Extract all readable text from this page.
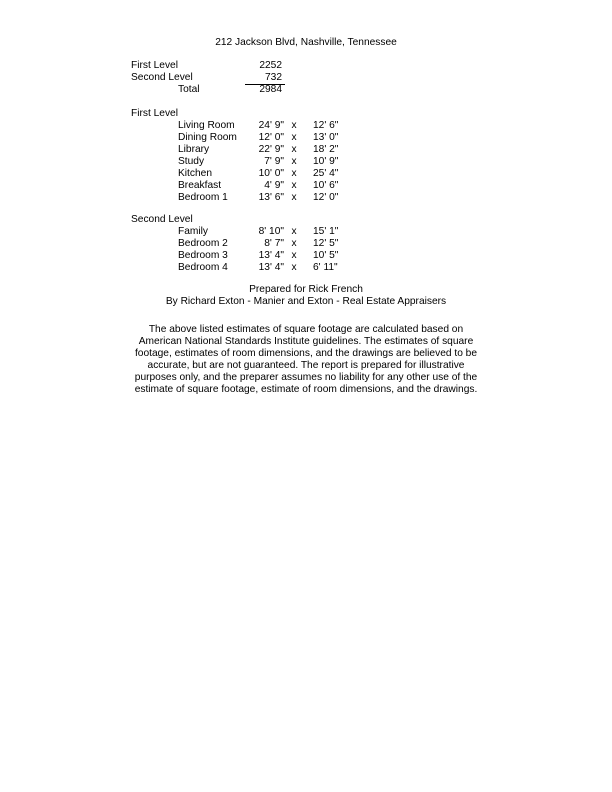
212 Jackson Blvd, Nashville, Tennessee
First Level	2252
Second Level	732
Total	2984
First Level
Living Room	24' 9" x	12' 6"
Dining Room	12' 0" x	13' 0"
Library	22' 9" x	18' 2"
Study	7' 9" x	10' 9"
Kitchen	10' 0" x	25' 4"
Breakfast	4' 9" x	10' 6"
Bedroom 1	13' 6" x	12' 0"
Second Level
Family	8' 10" x	15' 1"
Bedroom 2	8' 7" x	12' 5"
Bedroom 3	13' 4" x	10' 5"
Bedroom 4	13' 4" x	6' 11"
Prepared for Rick French
By Richard Exton - Manier and Exton - Real Estate Appraisers
The above listed estimates of square footage are calculated based on
American National Standards Institute guidelines. The estimates of square
footage, estimates of room dimensions, and the drawings are believed to be
accurate, but are not guaranteed. The report is prepared for illustrative
purposes only, and the preparer assumes no liability for any other use of the
estimate of square footage, estimate of room dimensions, and the drawings.
